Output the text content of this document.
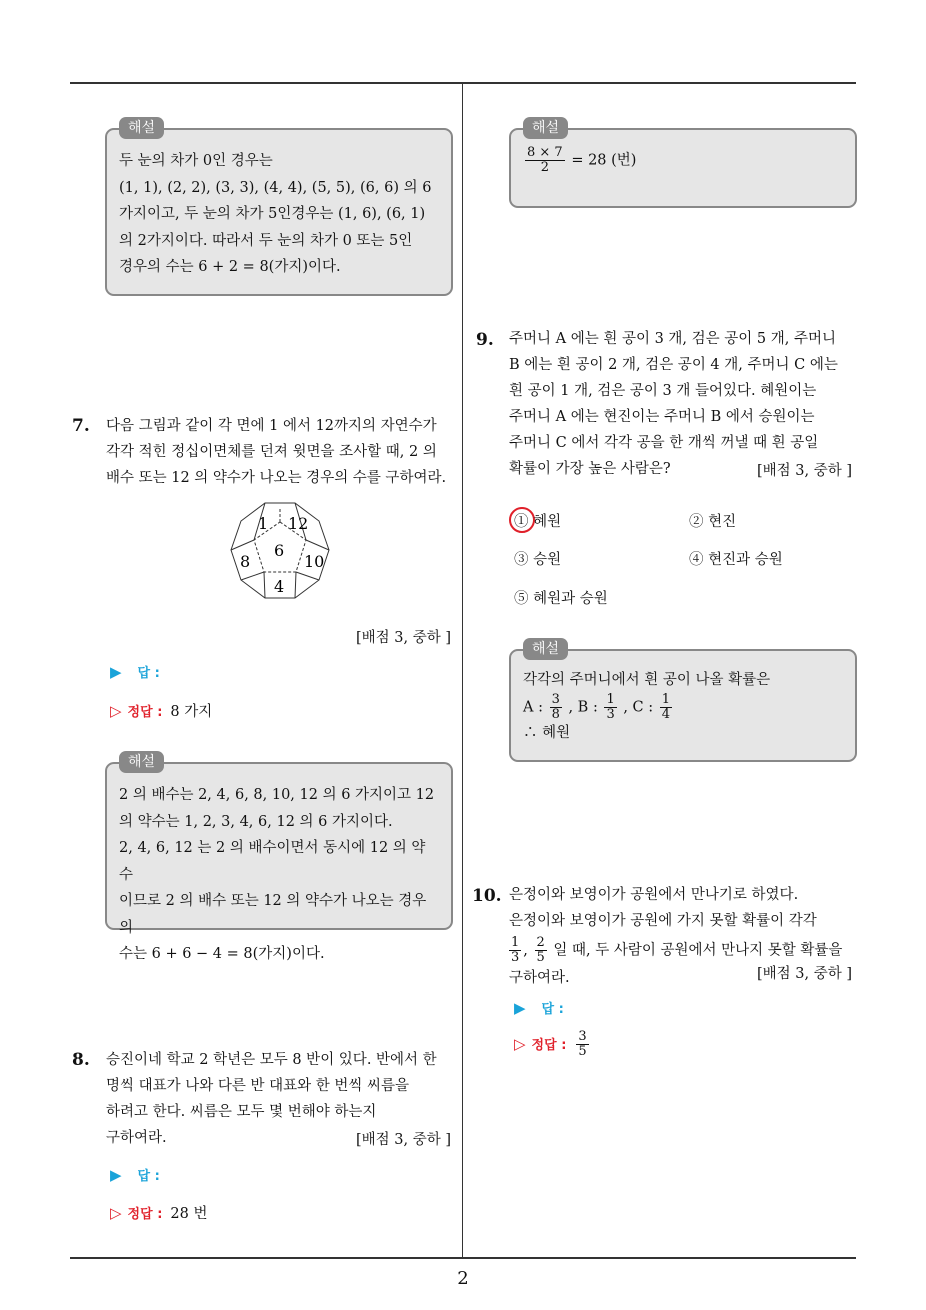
2
해설
두 눈의 차가 0인 경우는
(1, 1), (2, 2), (3, 3), (4, 4), (5, 5), (6, 6) 의 6
가지이고, 두 눈의 차가 5인경우는 (1, 6), (6, 1)
의 2가지이다. 따라서 두 눈의 차가 0 또는 5인
경우의 수는 6 + 2 = 8(가지)이다.
7. 다음 그림과 같이 각 면에 1 에서 12까지의 자연수가
각각 적힌 정십이면체를 던져 윗면을 조사할 때, 2 의
배수 또는 12 의 약수가 나오는 경우의 수를 구하여라.
1 12
6
8	10
4
[배점 3, 중하 ]
▶ 답 :
▷ 정답 : 8 가지
해설
2 의 배수는 2, 4, 6, 8, 10, 12 의 6 가지이고 12
의 약수는 1, 2, 3, 4, 6, 12 의 6 가지이다.
2, 4, 6, 12 는 2 의 배수이면서 동시에 12 의 약수
이므로 2 의 배수 또는 12 의 약수가 나오는 경우의
수는 6 + 6 − 4 = 8(가지)이다.
8. 승진이네 학교 2 학년은 모두 8 반이 있다. 반에서 한
명씩 대표가 나와 다른 반 대표와 한 번씩 씨름을
하려고 한다. 씨름은 모두 몇 번해야 하는지
구하여라.	[배점 3, 중하 ]
▶ 답 :
▷ 정답 : 28 번
해설
$\frac{8 \times 7}{2} = 28$ (번)
9. 주머니 A 에는 흰 공이 3 개, 검은 공이 5 개, 주머니
B 에는 흰 공이 2 개, 검은 공이 4 개, 주머니 C 에는
흰 공이 1 개, 검은 공이 3 개 들어있다. 혜원이는
주머니 A 에는 현진이는 주머니 B 에서 승원이는
주머니 C 에서 각각 공을 한 개씩 꺼낼 때 흰 공일
확률이 가장 높은 사람은?	[배점 3, 중하 ]
① 혜원	② 현진
③ 승원	④ 현진과 승원
⑤ 혜원과 승원
해설
각각의 주머니에서 흰 공이 나올 확률은
A : $\frac{3}{8}$ , B : $\frac{1}{3}$ , C : $\frac{1}{4}$
∴ 혜원
10. 은정이와 보영이가 공원에서 만나기로 하였다.
은정이와 보영이가 공원에 가지 못할 확률이 각각
$\frac{1}{3}$ , $\frac{2}{5}$ 일 때, 두 사람이 공원에서 만나지 못할 확률을
구하여라.	[배점 3, 중하 ]
▶ 답 :
▷ 정답 : $\frac{3}{5}$
